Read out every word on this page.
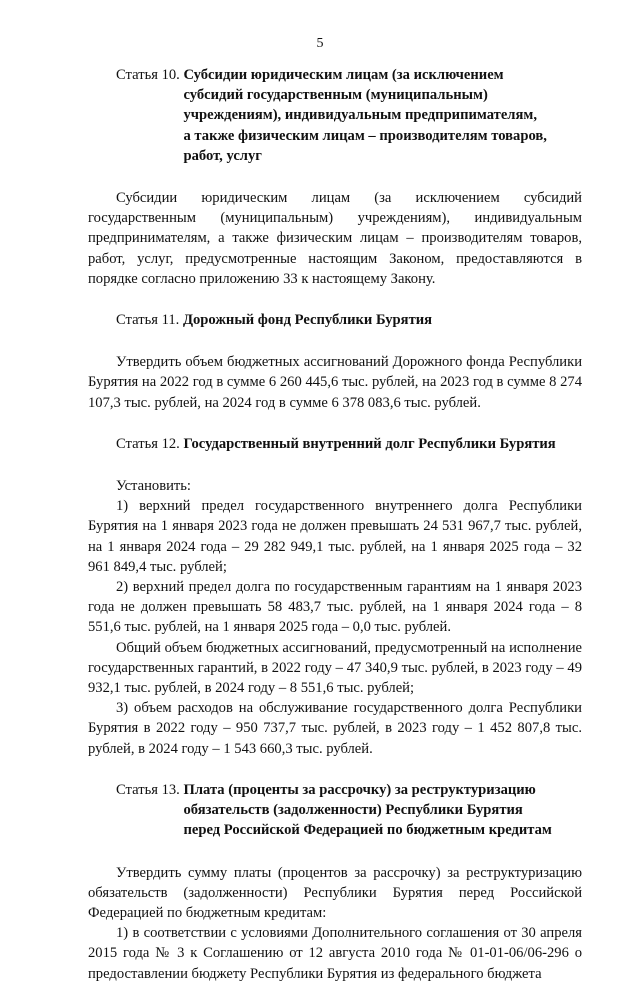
5
Статья 10. Субсидии юридическим лицам (за исключением
субсидий государственным (муниципальным)
учреждениям), индивидуальным предприпимателям,
а также физическим лицам – производителям товаров,
работ, услуг

Субсидии юридическим лицам (за исключением субсидий государственным (муниципальным) учреждениям), индивидуальным предпринимателям, а также физическим лицам – производителям товаров, работ, услуг, предусмотренные настоящим Законом, предоставляются в порядке согласно приложению 33 к настоящему Закону.

Статья 11. Дорожный фонд Республики Бурятия

Утвердить объем бюджетных ассигнований Дорожного фонда Республики Бурятия на 2022 год в сумме 6 260 445,6 тыс. рублей, на 2023 год в сумме 8 274 107,3 тыс. рублей, на 2024 год в сумме 6 378 083,6 тыс. рублей.

Статья 12. Государственный внутренний долг Республики Бурятия

Установить:

1) верхний предел государственного внутреннего долга Республики Бурятия на 1 января 2023 года не должен превышать 24 531 967,7 тыс. рублей, на 1 января 2024 года – 29 282 949,1 тыс. рублей, на 1 января 2025 года – 32 961 849,4 тыс. рублей;

2) верхний предел долга по государственным гарантиям на 1 января 2023 года не должен превышать 58 483,7 тыс. рублей, на 1 января 2024 года – 8 551,6 тыс. рублей, на 1 января 2025 года – 0,0 тыс. рублей.

Общий объем бюджетных ассигнований, предусмотренный на исполнение государственных гарантий, в 2022 году – 47 340,9 тыс. рублей, в 2023 году – 49 932,1 тыс. рублей, в 2024 году – 8 551,6 тыс. рублей;

3) объем расходов на обслуживание государственного долга Республики Бурятия в 2022 году – 950 737,7 тыс. рублей, в 2023 году – 1 452 807,8 тыс. рублей, в 2024 году – 1 543 660,3 тыс. рублей.

Статья 13. Плата (проценты за рассрочку) за реструктуризацию
обязательств (задолженности) Республики Бурятия
перед Российской Федерацией по бюджетным кредитам

Утвердить сумму платы (процентов за рассрочку) за реструктуризацию обязательств (задолженности) Республики Бурятия перед Российской Федерацией по бюджетным кредитам:

1) в соответствии с условиями Дополнительного соглашения от 30 апреля 2015 года № 3 к Соглашению от 12 августа 2010 года № 01-01-06/06-296 о предоставлении бюджету Республики Бурятия из федерального бюджета
